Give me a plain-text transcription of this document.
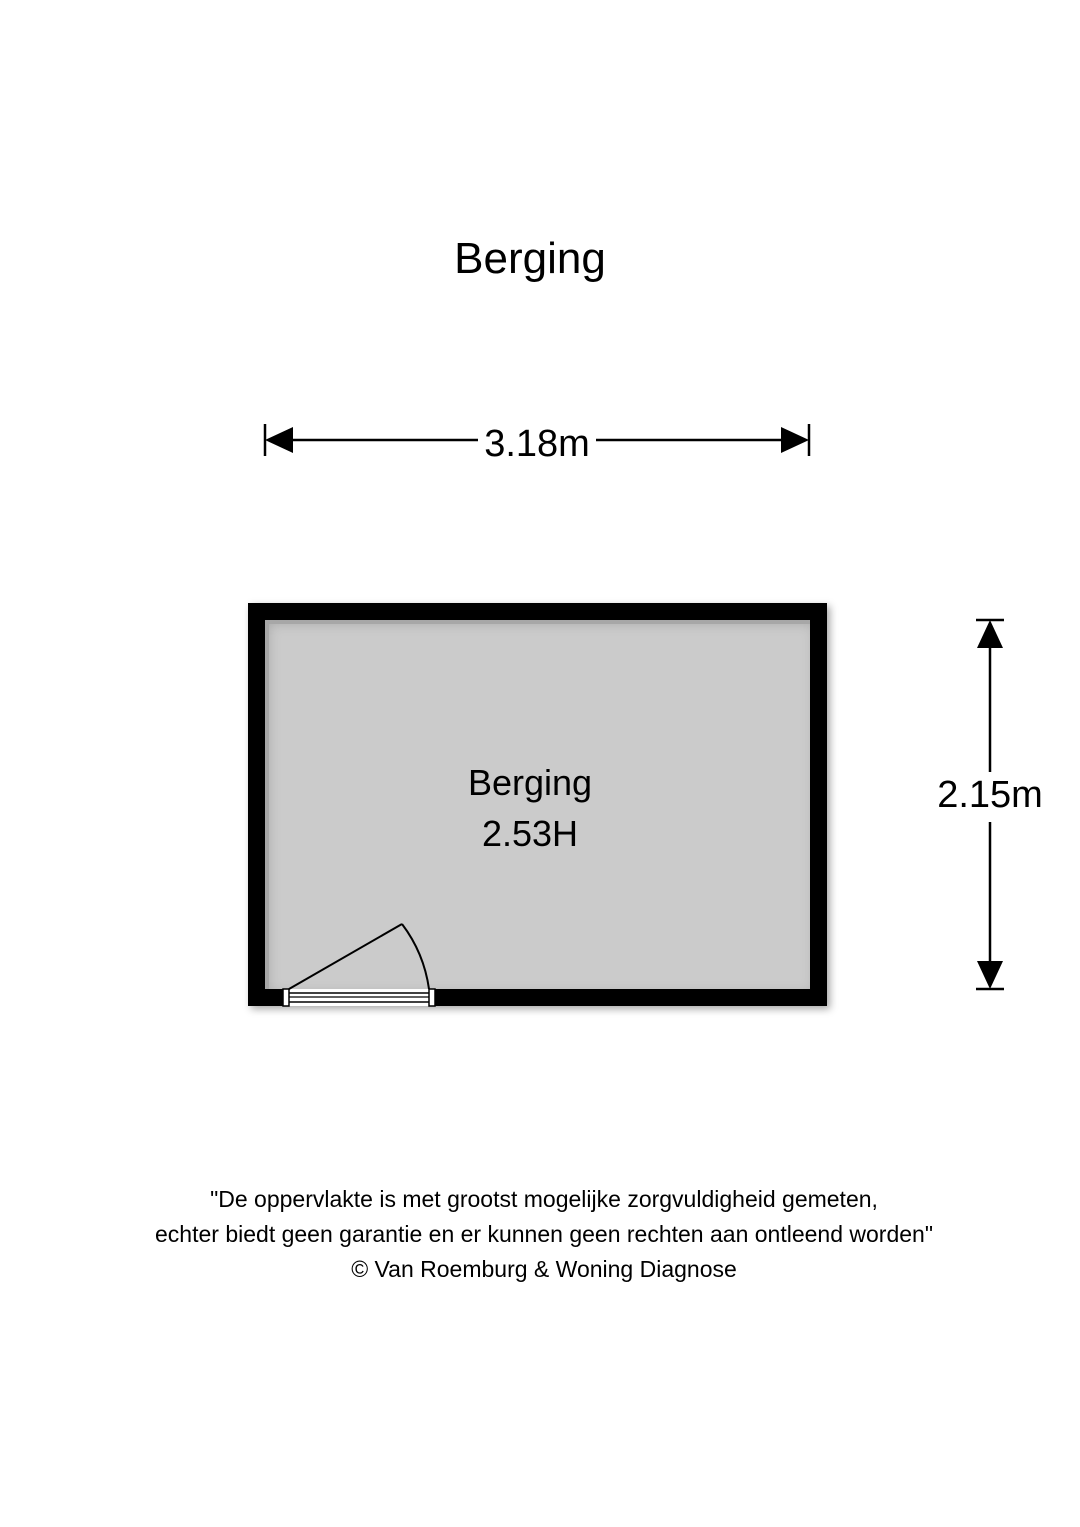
Berging
3.18m
Berging
2.53H
2.15m
"De oppervlakte is met grootst mogelijke zorgvuldigheid gemeten,
echter biedt geen garantie en er kunnen geen rechten aan ontleend worden"
© Van Roemburg & Woning Diagnose
